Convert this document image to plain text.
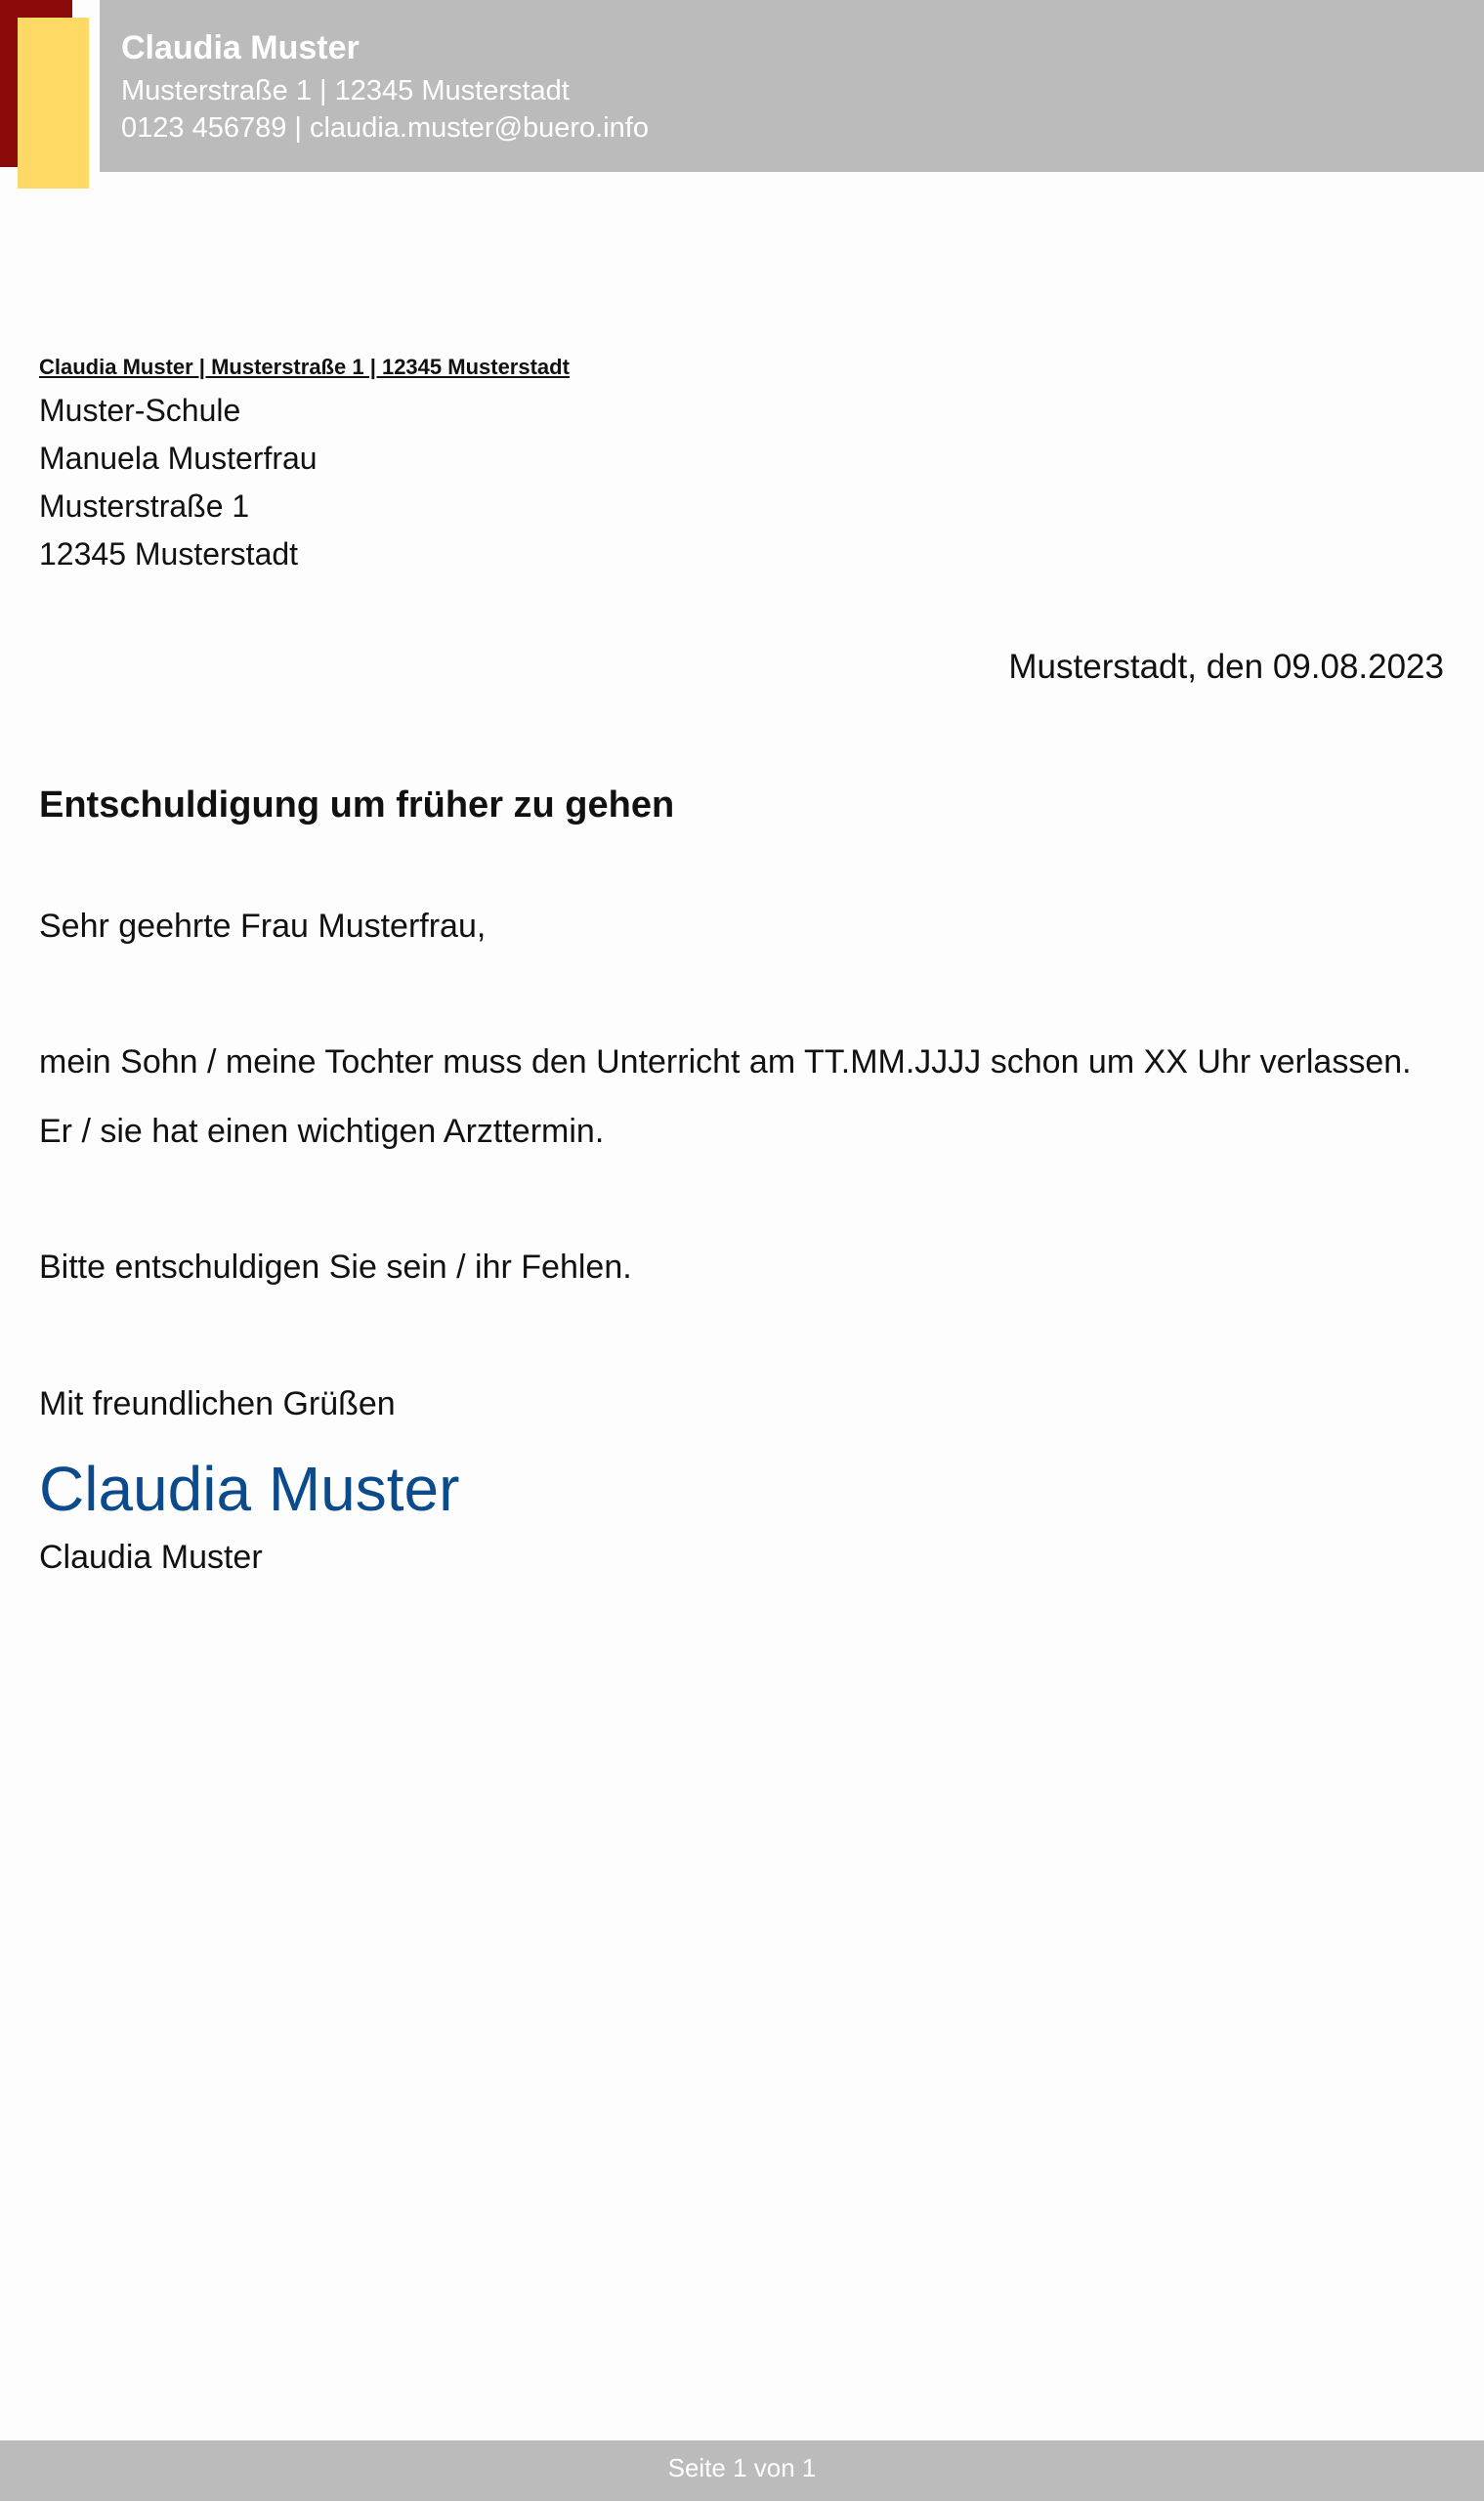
Claudia Muster
Musterstraße 1 | 12345 Musterstadt
0123 456789 | claudia.muster@buero.info
Claudia Muster | Musterstraße 1 | 12345 Musterstadt
Muster-Schule
Manuela Musterfrau
Musterstraße 1
12345 Musterstadt
Musterstadt, den 09.08.2023
Entschuldigung um früher zu gehen
Sehr geehrte Frau Musterfrau,
mein Sohn / meine Tochter muss den Unterricht am TT.MM.JJJJ schon um XX Uhr verlassen.
Er / sie hat einen wichtigen Arzttermin.
Bitte entschuldigen Sie sein / ihr Fehlen.
Mit freundlichen Grüßen
Claudia Muster
Claudia Muster
Seite 1 von 1
